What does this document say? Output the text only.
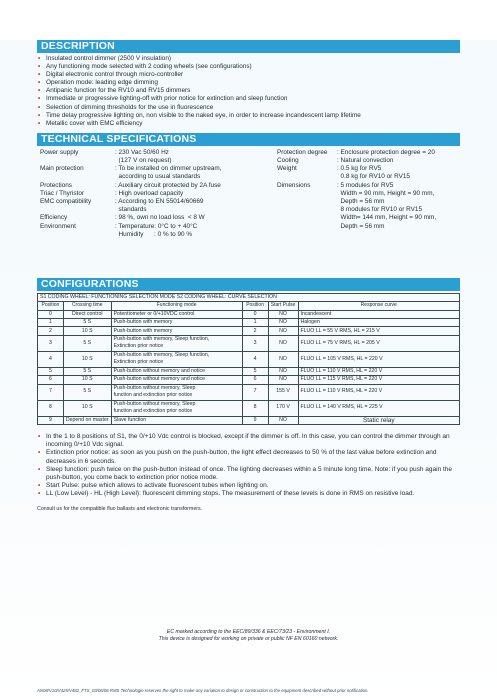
DESCRIPTION
• Insulated control dimmer (2500 V insulation)
• Any functioning mode selected with 2 coding wheels (see configurations)
• Digital electronic control through micro-controller
• Operation mode: leading edge dimming
• Antipanic function for the RV10 and RV15 dimmers
• Immediate or progressive lighting-off with prior notice for extinction and sleep function
• Selection of dimming thresholds for the use in fluorescence
• Time delay progressive lighting on, non visible to the naked eye, in order to increase incandescent lamp lifetime
• Metallic cover with EMC efficiency
TECHNICAL SPECIFICATIONS
Power supply	: 230 Vac 50/60 Hz
(127 V on request)
Main protection	: To be installed on dimmer upstream,
according to usual standards
Protections	: Auxiliary circuit protected by 2A fuse
Triac / Thyristor	: High overload capacity
EMC compatibility	: According to EN 55014/60669
standards
Efficiency	: 98 %, own no load loss  < 8 W
Environment	: Temperature: 0°C to + 40°C
Humidity      : 0 % to 90 %
Protection degree	: Enclosure protection degree = 20
Cooling	: Natural convection
Weight	: 0.5 kg for RV5
0.8 kg for RV10 or RV15
Dimensions	: 5 modules for RV5
Width = 90 mm, Height = 90 mm,
Depth = 56 mm
8 modules for RV10 or RV15
Width= 144 mm, Height = 90 mm,
Depth = 56 mm
CONFIGURATIONS
S1 CODING WHEEL: FUNCTIONING SELECTION MODE S2 CODING WHEEL: CURVE SELECTION					
Position	Crossing time	Functioning mode	Position	Start Pulse	Response curve
0	Direct control	Potentiometer or 0/+10VDC control	0	NO	Incandescent
1	5 S	Push-button with memory	1	NO	Halogen
2	10 S	Push-button with memory	2	NO	FLUO LL = 55 V RMS, HL = 215 V
3	5 S	Push-button with memory, Sleep function,
Extinction prior notice	3	NO	FLUO LL = 75 V RMS, HL = 205 V
4	10 S	Push-button with memory, Sleep function,
Extinction prior notice	4	NO	FLUO LL = 105 V RMS, HL = 220 V
5	5 S	Push-button without memory and notice	5	NO	FLUO LL = 110 V RMS, HL = 220 V
6	10 S	Push-button without memory and notice	6	NO	FLUO LL = 115 V RMS, HL = 220 V
7	5 S	Push-button without memory, Sleep
function and extinction prior notice	7	155 V	FLUO LL = 110 V RMS, HL = 220 V
8	10 S	Push-button without memory, Sleep
function and extinction prior notice	8	170 V	FLUO LL = 140 V RMS, HL = 225 V
9	Depend on master	Slave function	9	NO	Static relay
• In the 1 to 8 positions of S1, the 0/+10 Vdc control is blocked, except if the dimmer is off. In this case, you can control the dimmer through an incoming 0/+10 Vdc signal.
• Extinction prior notice: as soon as you push on the push-button, the light effect decreases to 50 % of the last value before extinction and decreases in 6 seconds.
• Sleep function: push twice on the push-button instead of once. The lighting decreases within a 5 minute long time. Note: if you push again the push-button, you come back to extinction prior notice mode.
• Start Pulse: pulse which allows to activate fluorescent tubes when lighting on.
• LL (Low Level) - HL (High Level): fluorescent dimming stops. The measurement of these levels is done in RMS on resistive load.
Consult us for the compatible fluo ballasts and electronic transformers.
EC marked according to the EEC/89/336 & EEC/73/23 - Environment I.
This device is designed for working on private or public NF EN 60160 network.
AN08/V10/V425/V482_FTS_03/06/06 RMS Technologie reserves the right to make any variation to design or construction to the equipment described without prior notification.
